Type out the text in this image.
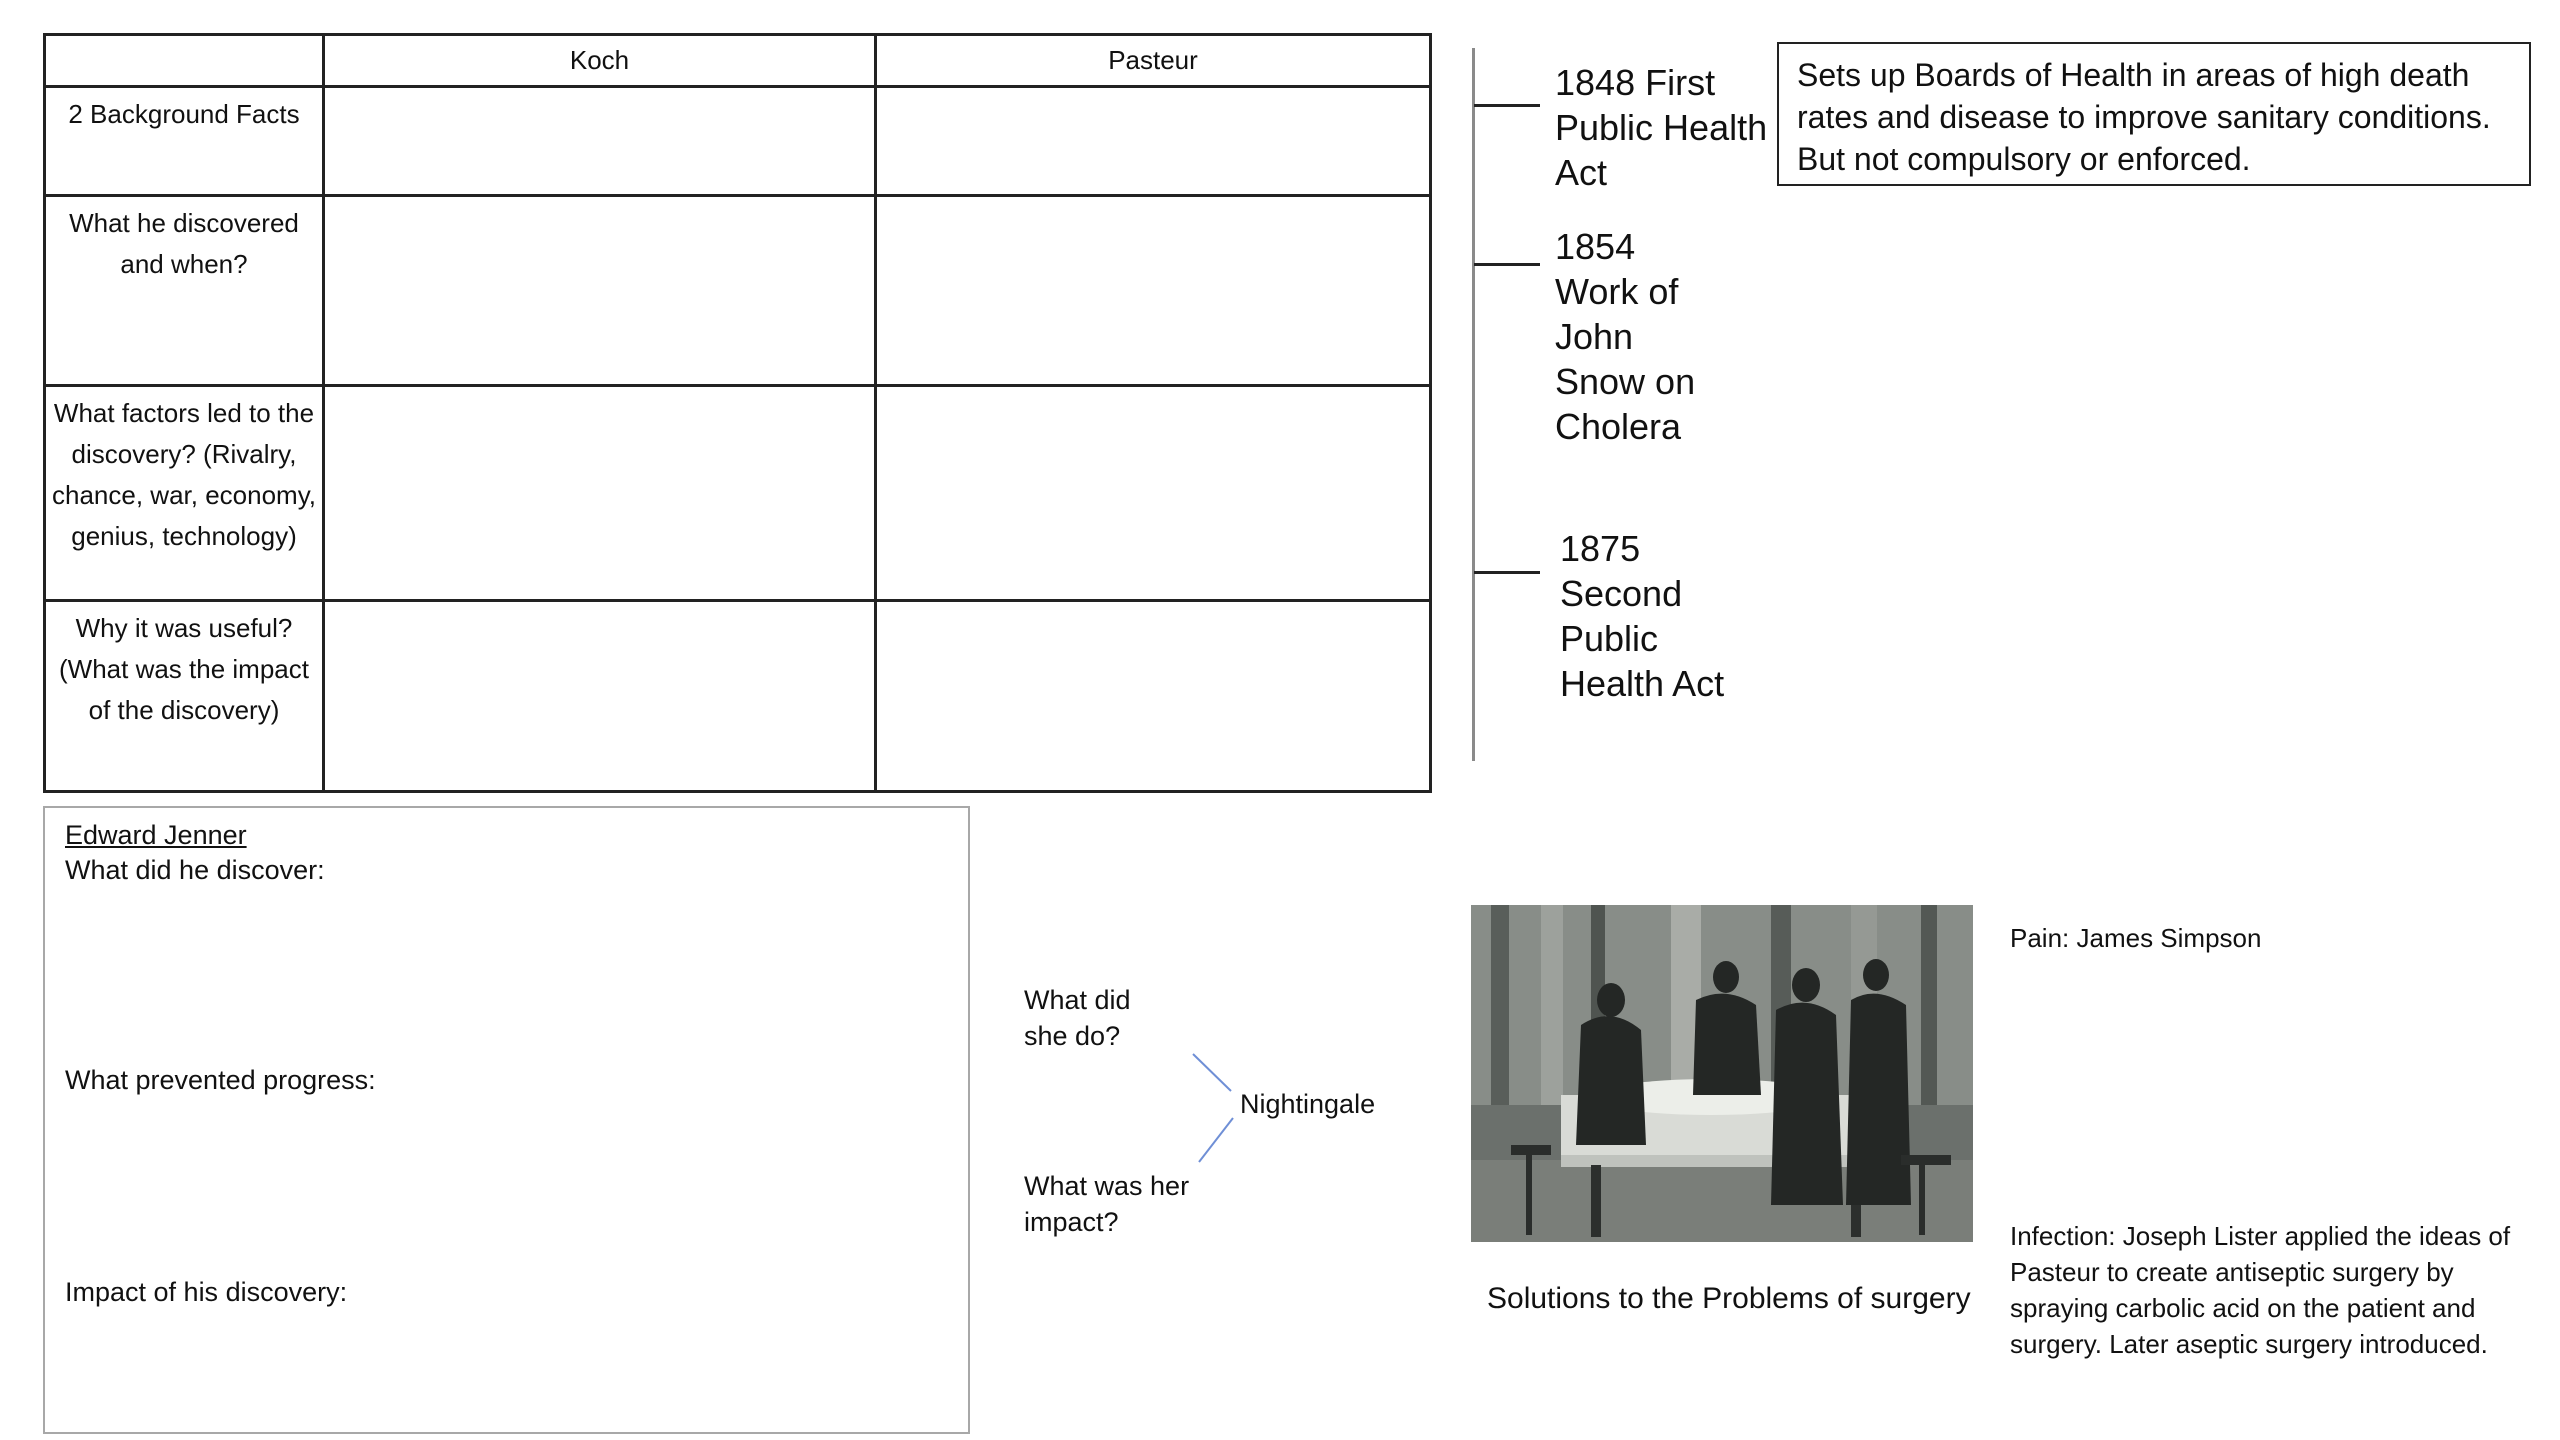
	Koch	Pasteur
2 Background Facts		
What he discovered and when?		
What factors led to the discovery? (Rivalry, chance, war, economy, genius, technology)		
Why it was useful? (What was the impact of the discovery)		
1848 First Public Health Act
1854 Work of John Snow on Cholera
1875 Second Public Health Act
Sets up Boards of Health in areas of high death rates and disease to improve sanitary conditions. But not compulsory or enforced.
Edward Jenner
What did he discover:
What prevented progress:
Impact of his discovery:
What did she do?
What was her impact?
Nightingale
Solutions to the Problems of surgery
Pain: James Simpson
Infection: Joseph Lister applied the ideas of Pasteur to create antiseptic surgery by spraying carbolic acid on the patient and surgery. Later aseptic surgery introduced.
